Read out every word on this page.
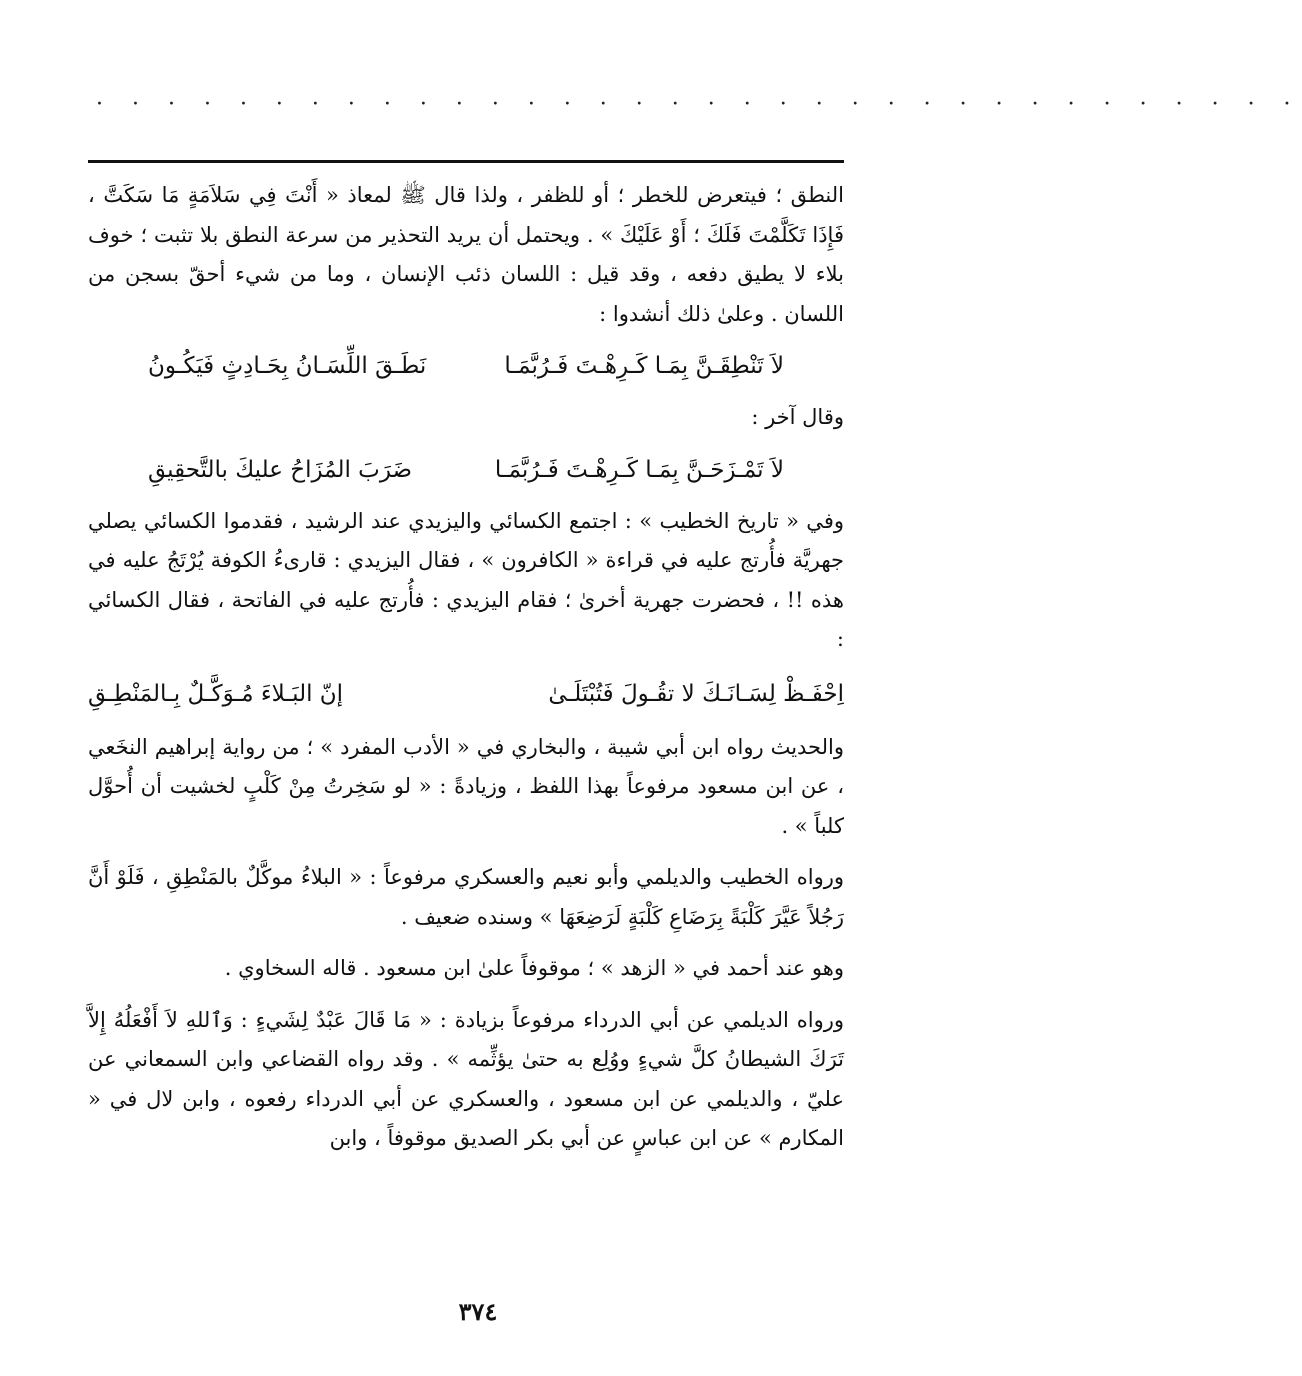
· · · · · · · · · · · · · · · · · · · · · · · · · · · · · · · · · ·

النطق ؛ فيتعرض للخطر ؛ أو للظفر ، ولذا قال ﷺ لمعاذ « أَنْتَ فِي سَلاَمَةٍ مَا سَكَتَّ ، فَإِذَا تَكَلَّمْتَ فَلَكَ ؛ أَوْ عَلَيْكَ » . ويحتمل أن يريد التحذير من سرعة النطق بلا تثبت ؛ خوف بلاء لا يطيق دفعه ، وقد قيل : اللسان ذئب الإنسان ، وما من شيء أحقّ بسجن من اللسان . وعلىٰ ذلك أنشدوا :

لاَ تَنْطِقَـنَّ بِمَـا كَـرِهْـتَ فَـرُبَّمَـا
نَطَـقَ اللِّسَـانُ بِحَـادِثٍ فَيَكُـونُ

وقال آخر :

لاَ تَمْـزَحَـنَّ بِمَـا كَـرِهْـتَ فَـرُبَّمَـا
ضَرَبَ المُزَاحُ عليكَ بالتَّحقِيقِ

وفي « تاريخ الخطيب » : اجتمع الكسائي واليزيدي عند الرشيد ، فقدموا الكسائي يصلي جهريَّة فأُرتج عليه في قراءة « الكافرون » ، فقال اليزيدي : قارىءُ الكوفة يُرْتَجُ عليه في هذه !! ، فحضرت جهرية أخرىٰ ؛ فقام اليزيدي : فأُرتج عليه في الفاتحة ، فقال الكسائي :

اِحْفَـظْ لِسَـانَـكَ لا تقُـولَ فَتُبْتَلَـىٰ
إنّ البَـلاءَ مُـوَكَّـلٌ بِـالمَنْطِـقِ

والحديث رواه ابن أبي شيبة ، والبخاري في « الأدب المفرد » ؛ من رواية إبراهيم النخَعي ، عن ابن مسعود مرفوعاً بهذا اللفظ ، وزيادةً : « لو سَخِرتُ مِنْ كَلْبٍ لخشيت أن أُحوَّل كلباً » .

ورواه الخطيب والديلمي وأبو نعيم والعسكري مرفوعاً : « البلاءُ موكَّلٌ بالمَنْطِقِ ، فَلَوْ أَنَّ رَجُلاً عَيَّرَ كَلْبَةً بِرَضَاعِ كَلْبَةٍ لَرَضِعَهَا » وسنده ضعيف .

وهو عند أحمد في « الزهد » ؛ موقوفاً علىٰ ابن مسعود . قاله السخاوي .

ورواه الديلمي عن أبي الدرداء مرفوعاً بزيادة : « مَا قَالَ عَبْدٌ لِشَيءٍ : وَٱللهِ لاَ أَفْعَلُهُ إِلاَّ تَرَكَ الشيطانُ كلَّ شيءٍ ووُلِع به حتىٰ يؤثِّمه » . وقد رواه القضاعي وابن السمعاني عن عليّ ، والديلمي عن ابن مسعود ، والعسكري عن أبي الدرداء رفعوه ، وابن لال في « المكارم » عن ابن عباسٍ عن أبي بكر الصديق موقوفاً ، وابن

٣٧٤
